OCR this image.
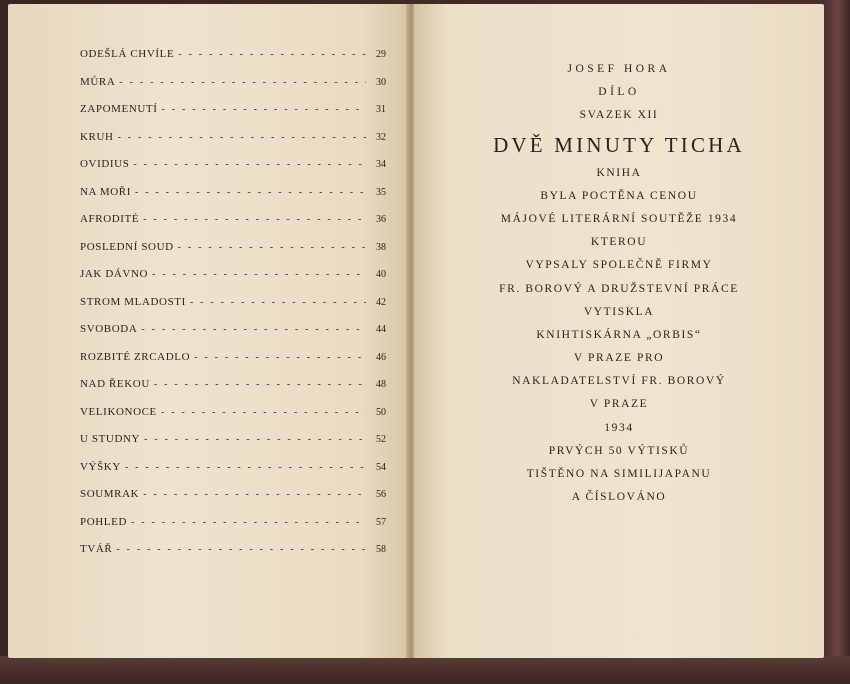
ODEŠLÁ CHVÍLE - - -	29
MŮRA - - -	30
ZAPOMENUTÍ - - -	31
KRUH - - -	32
OVIDIUS - - -	34
NA MOŘI - - -	35
AFRODITÉ - - -	36
POSLEDNÍ SOUD - - -	38
JAK DÁVNO - - -	40
STROM MLADOSTI - - -	42
SVOBODA - - -	44
ROZBITÉ ZRCADLO - - -	46
NAD ŘEKOU - - -	48
VELIKONOCE - - -	50
U STUDNY - - -	52
VÝŠKY - - -	54
SOUMRAK - - -	56
POHLED - - -	57
TVÁŘ - - -	58
JOSEF HORA
DÍLO
SVAZEK XII
DVĚ MINUTY TICHA
KNIHA
BYLA POCTĚNA CENOU
MÁJOVÉ LITERÁRNÍ SOUTĚŽE 1934
KTEROU
VYPSALY SPOLEČNĚ FIRMY
FR. BOROVÝ A DRUŽSTEVNÍ PRÁCE
VYTISKLA
KNIHTISKÁRNA „ORBIS“
V PRAZE PRO
NAKLADATELSTVÍ FR. BOROVÝ
V PRAZE
1934
PRVÝCH 50 VÝTISKŮ
TIŠTĚNO NA SIMILIJAPANU
A ČÍSLOVÁNO
